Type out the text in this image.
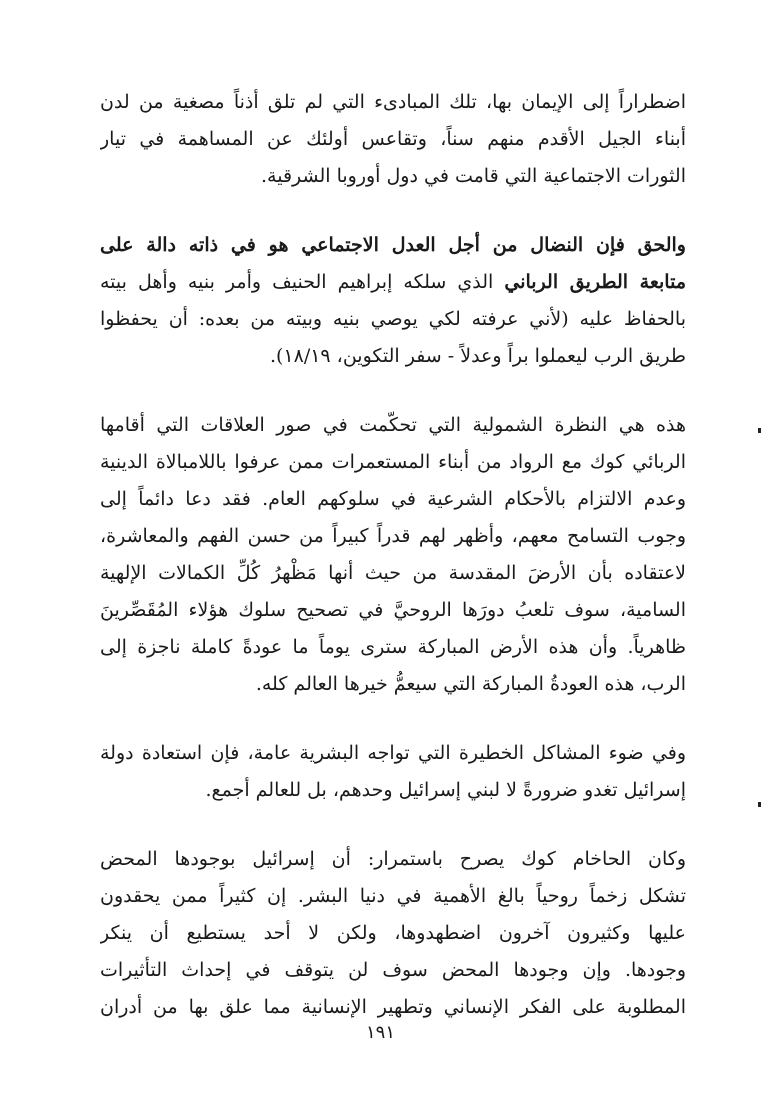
اضطراراً إلى الإيمان بها، تلك المبادىء التي لم تلق أذناً مصغية من لدن
أبناء الجيل الأقدم منهم سناً، وتقاعس أولئك عن المساهمة في تيار
الثورات الاجتماعية التي قامت في دول أوروبا الشرقية.
والحق فإن النضال من أجل العدل الاجتماعي هو في ذاته دالة على
متابعة الطريق الرباني الذي سلكه إبراهيم الحنيف وأمر بنيه وأهل بيته
بالحفاظ عليه (لأني عرفته لكي يوصي بنيه وبيته من بعده: أن يحفظوا
طريق الرب ليعملوا براً وعدلاً - سفر التكوين، ١٨/١٩).
هذه هي النظرة الشمولية التي تحكّمت في صور العلاقات التي أقامها
الربائي كوك مع الرواد من أبناء المستعمرات ممن عرفوا باللامبالاة الدينية
وعدم الالتزام بالأحكام الشرعية في سلوكهم العام. فقد دعا دائماً إلى
وجوب التسامح معهم، وأظهر لهم قدراً كبيراً من حسن الفهم والمعاشرة،
لاعتقاده بأن الأرضَ المقدسة من حيث أنها مَظْهرُ كُلِّ الكمالات الإلهية
السامية، سوف تلعبُ دورَها الروحيَّ في تصحيح سلوك هؤلاء المُقَصِّرينَ
ظاهرياً. وأن هذه الأرض المباركة سترى يوماً ما عودةً كاملة ناجزة إلى
الرب، هذه العودةُ المباركة التي سيعمُّ خيرها العالم كله.
وفي ضوء المشاكل الخطيرة التي تواجه البشرية عامة، فإن استعادة دولة
إسرائيل تغدو ضرورةً لا لبني إسرائيل وحدهم، بل للعالم أجمع.
وكان الحاخام كوك يصرح باستمرار: أن إسرائيل بوجودها المحض
تشكل زخماً روحياً بالغ الأهمية في دنيا البشر. إن كثيراً ممن يحقدون
عليها وكثيرون آخرون اضطهدوها، ولكن لا أحد يستطيع أن ينكر
وجودها. وإن وجودها المحض سوف لن يتوقف في إحداث التأثيرات
المطلوبة على الفكر الإنساني وتطهير الإنسانية مما علق بها من أدران
١٩١
